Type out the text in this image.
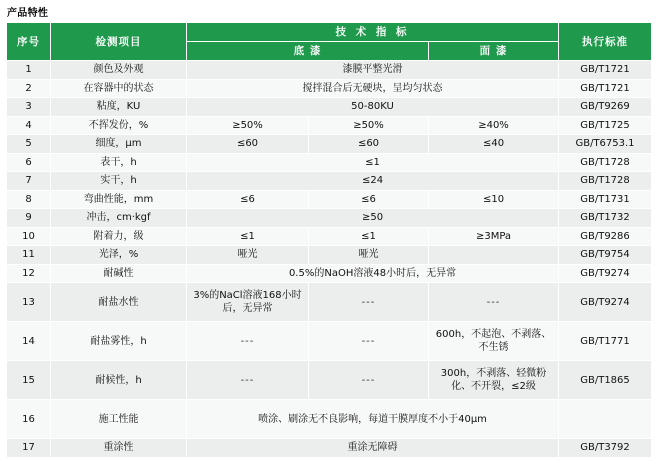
产品特性
序号	检测项目	技 术 指 标			执行标准
		底 漆		面 漆	
1	颜色及外观	漆膜平整光滑			GB/T1721
2	在容器中的状态	搅拌混合后无硬块，呈均匀状态			GB/T1721
3	粘度，KU	50-80KU			GB/T9269
4	不挥发份，%	≥50%	≥50%	≥40%	GB/T1725
5	细度，μm	≤60	≤60	≤40	GB/T6753.1
6	表干，h	≤1			GB/T1728
7	实干，h	≤24			GB/T1728
8	弯曲性能，mm	≤6	≤6	≤10	GB/T1731
9	冲击，cm·kgf	≥50			GB/T1732
10	附着力，级	≤1	≤1	≥3MPa	GB/T9286
11	光泽，%	哑光	哑光		GB/T9754
12	耐碱性	0.5%的NaOH溶液48小时后，无异常			GB/T9274
13	耐盐水性	3%的NaCl溶液168小时后，无异常	---	---	GB/T9274
14	耐盐雾性，h	---	---	600h，不起泡、不剥落、不生锈	GB/T1771
15	耐候性，h	---	---	300h，不剥落、轻微粉化、不开裂，≤2级	GB/T1865
16	施工性能	喷涂、刷涂无不良影响，每道干膜厚度不小于40μm			
17	重涂性	重涂无障碍			GB/T3792
